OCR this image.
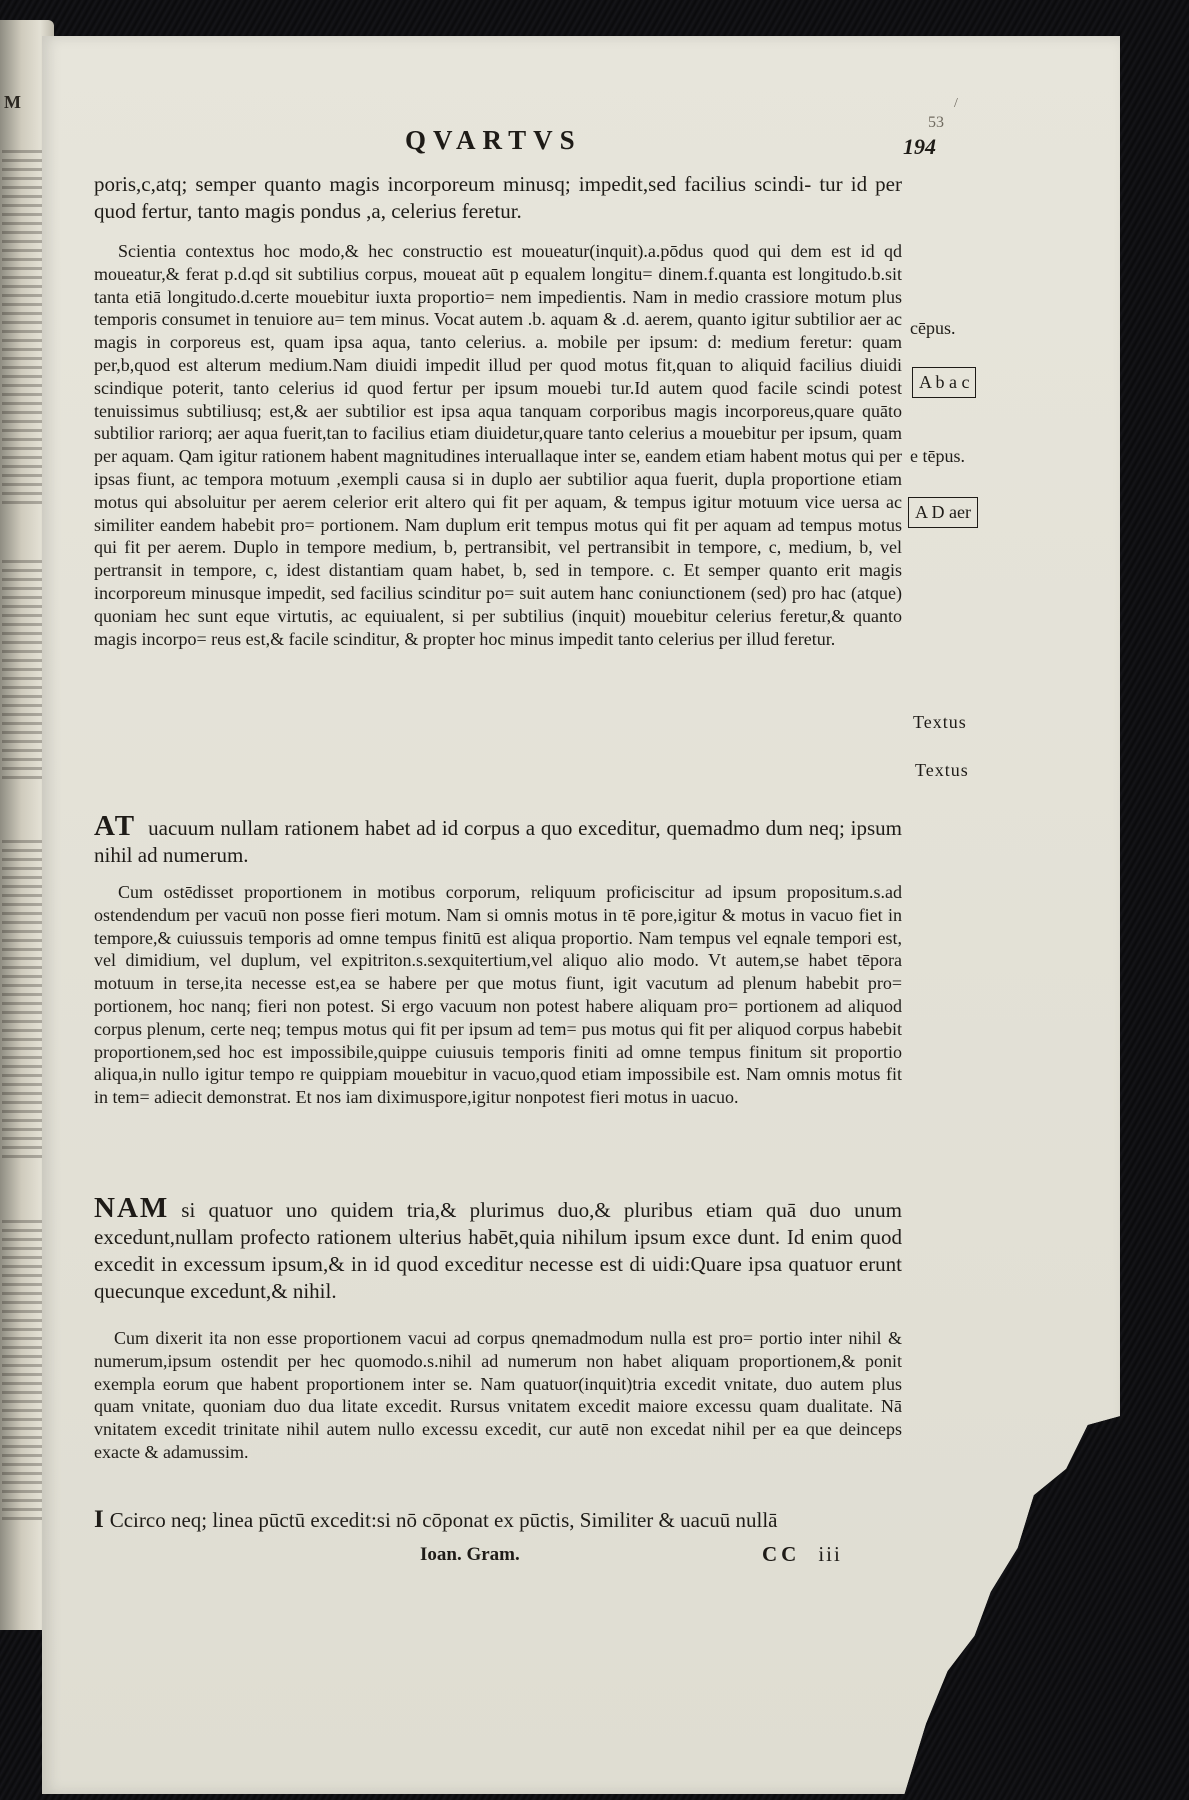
M	/
53
QVARTVS	194
poris,c,atq; semper quanto magis incorporeum minusq; impedit,sed facilius scindi- tur id per quod fertur, tanto magis pondus ,a, celerius feretur.
Scientia contextus hoc modo,& hec constructio est moueatur(inquit).a.pōdus quod qui dem est id qd moueatur,& ferat p.d.qd sit subtilius corpus, moueat aūt p equalem longitu= dinem.f.quanta est longitudo.b.sit tanta etiā longitudo.d.certe mouebitur iuxta proportio= nem impedientis. Nam in medio crassiore motum plus temporis consumet in tenuiore au= tem minus. Vocat autem .b. aquam & .d. aerem, quanto igitur subtilior aer ac magis in corporeus est, quam ipsa aqua, tanto celerius. a. mobile per ipsum: d: medium feretur: quam per,b,quod est alterum medium.Nam diuidi impedit illud per quod motus fit,quan to aliquid facilius diuidi scindique poterit, tanto celerius id quod fertur per ipsum mouebi tur.Id autem quod facile scindi potest tenuissimus subtiliusq; est,& aer subtilior est ipsa aqua tanquam corporibus magis incorporeus,quare quāto subtilior rariorq; aer aqua fuerit,tan to facilius etiam diuidetur,quare tanto celerius a mouebitur per ipsum, quam per aquam. Qam igitur rationem habent magnitudines interuallaque inter se, eandem etiam habent motus qui per ipsas fiunt, ac tempora motuum ,exempli causa si in duplo aer subtilior aqua fuerit, dupla proportione etiam motus qui absoluitur per aerem celerior erit altero qui fit per aquam, & tempus igitur motuum vice uersa ac similiter eandem habebit pro= portionem. Nam duplum erit tempus motus qui fit per aquam ad tempus motus qui fit per aerem. Duplo in tempore medium, b, pertransibit, vel pertransibit in tempore, c, medium, b, vel pertransit in tempore, c, idest distantiam quam habet, b, sed in tempore. c. Et semper quanto erit magis incorporeum minusque impedit, sed facilius scinditur po= suit autem hanc coniunctionem (sed) pro hac (atque) quoniam hec sunt eque virtutis, ac equiualent, si per subtilius (inquit) mouebitur celerius feretur,& quanto magis incorpo= reus est,& facile scinditur, & propter hoc minus impedit tanto celerius per illud feretur.
AT uacuum nullam rationem habet ad id corpus a quo exceditur, quemadmo dum neq; ipsum nihil ad numerum.
Cum ostēdisset proportionem in motibus corporum, reliquum proficiscitur ad ipsum propositum.s.ad ostendendum per vacuū non posse fieri motum. Nam si omnis motus in tē pore,igitur & motus in vacuo fiet in tempore,& cuiussuis temporis ad omne tempus finitū est aliqua proportio. Nam tempus vel eqnale tempori est, vel dimidium, vel duplum, vel expitriton.s.sexquitertium,vel aliquo alio modo. Vt autem,se habet tēpora motuum in terse,ita necesse est,ea se habere per que motus fiunt, igit vacutum ad plenum habebit pro= portionem, hoc nanq; fieri non potest. Si ergo vacuum non potest habere aliquam pro= portionem ad aliquod corpus plenum, certe neq; tempus motus qui fit per ipsum ad tem= pus motus qui fit per aliquod corpus habebit proportionem,sed hoc est impossibile,quippe cuiusuis temporis finiti ad omne tempus finitum sit proportio aliqua,in nullo igitur tempo re quippiam mouebitur in vacuo,quod etiam impossibile est. Nam omnis motus fit in tem= adiecit demonstrat. Et nos iam diximuspore,igitur nonpotest fieri motus in uacuo.
NAM si quatuor uno quidem tria,& plurimus duo,& pluribus etiam quā duo unum excedunt,nullam profecto rationem ulterius habēt,quia nihilum ipsum exce dunt. Id enim quod excedit in excessum ipsum,& in id quod exceditur necesse est di uidi:Quare ipsa quatuor erunt quecunque excedunt,& nihil.
Cum dixerit ita non esse proportionem vacui ad corpus qnemadmodum nulla est pro= portio inter nihil & numerum,ipsum ostendit per hec quomodo.s.nihil ad numerum non habet aliquam proportionem,& ponit exempla eorum que habent proportionem inter se. Nam quatuor(inquit)tria excedit vnitate, duo autem plus quam vnitate, quoniam duo dua litate excedit. Rursus vnitatem excedit maiore excessu quam dualitate. Nā vnitatem excedit trinitate nihil autem nullo excessu excedit, cur autē non excedat nihil per ea que deinceps exacte & adamussim.
I Ccirco neq; linea pūctū excedit:si nō cōponat ex pūctis, Similiter & uacuū nullā
Ioan. Gram.	CC iii
cēpus.
A b a c
e tēpus.
A D aer
Textus
Textus
